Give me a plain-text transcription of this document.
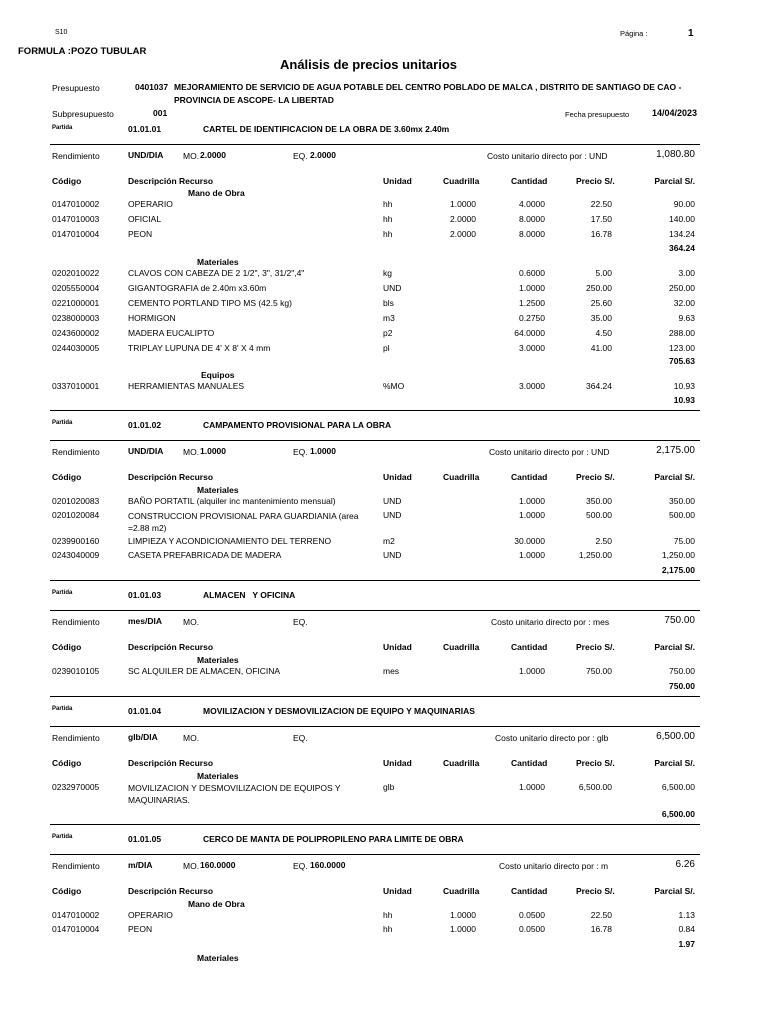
S10	Página :	1
FORMULA :POZO TUBULAR
Análisis de precios unitarios
Presupuesto	0401037 MEJORAMIENTO DE SERVICIO DE AGUA POTABLE DEL CENTRO POBLADO DE MALCA , DISTRITO DE SANTIAGO DE CAO -
PROVINCIA DE ASCOPE- LA LIBERTAD
Subpresupuesto	001	Fecha presupuesto	14/04/2023
Partida	01.01.01	CARTEL DE IDENTIFICACION DE LA OBRA DE 3.60mx 2.40m
Rendimiento	UND/DIA MO. 2.0000	EQ. 2.0000	Costo unitario directo por : UND	1,080.80
Código	Descripción Recurso	Unidad	Cuadrilla	Cantidad	Precio S/.	Parcial S/.
Mano de Obra
0147010002	OPERARIO	hh	1.0000	4.0000	22.50	90.00
0147010003	OFICIAL	hh	2.0000	8.0000	17.50	140.00
0147010004	PEON	hh	2.0000	8.0000	16.78	134.24
364.24
Materiales
0202010022	CLAVOS CON CABEZA DE 2 1/2", 3", 31/2",4"	kg	0.6000	5.00	3.00
0205550004	GIGANTOGRAFIA de 2.40m x3.60m	UND	1.0000	250.00	250.00
0221000001	CEMENTO PORTLAND TIPO MS (42.5 kg)	bls	1.2500	25.60	32.00
0238000003	HORMIGON	m3	0.2750	35.00	9.63
0243600002	MADERA EUCALIPTO	p2	64.0000	4.50	288.00
0244030005	TRIPLAY LUPUNA DE 4' X 8' X 4 mm	pl	3.0000	41.00	123.00
705.63
Equipos
0337010001	HERRAMIENTAS MANUALES	%MO	3.0000	364.24	10.93
10.93
Partida	01.01.02	CAMPAMENTO PROVISIONAL PARA LA OBRA
Rendimiento	UND/DIA MO. 1.0000	EQ. 1.0000	Costo unitario directo por : UND	2,175.00
Código	Descripción Recurso	Unidad	Cuadrilla	Cantidad	Precio S/.	Parcial S/.
Materiales
0201020083	BAÑO PORTATIL (alquiler inc mantenimiento mensual)	UND	1.0000	350.00	350.00
0201020084	CONSTRUCCION PROVISIONAL PARA GUARDIANIA (area =2.88 m2)
UND	1.0000	500.00	500.00
0239900160	LIMPIEZA Y ACONDICIONAMIENTO DEL TERRENO	m2	30.0000	2.50	75.00
0243040009	CASETA PREFABRICADA DE MADERA	UND	1.0000	1,250.00	1,250.00
2,175.00
Partida	01.01.03	ALMACEN   Y OFICINA
Rendimiento	mes/DIA MO.	EQ.	Costo unitario directo por : mes	750.00
Código	Descripción Recurso	Unidad	Cuadrilla	Cantidad	Precio S/.	Parcial S/.
Materiales
0239010105	SC ALQUILER DE ALMACEN, OFICINA	mes	1.0000	750.00	750.00
750.00
Partida	01.01.04	MOVILIZACION Y DESMOVILIZACION DE EQUIPO Y MAQUINARIAS
Rendimiento	glb/DIA	MO.	EQ.	Costo unitario directo por : glb	6,500.00
Código	Descripción Recurso	Unidad	Cuadrilla	Cantidad	Precio S/.	Parcial S/.
Materiales
0232970005	MOVILIZACION Y DESMOVILIZACION DE EQUIPOS Y MAQUINARIAS.
glb	1.0000	6,500.00	6,500.00
6,500.00
Partida	01.01.05	CERCO DE MANTA DE POLIPROPILENO PARA LIMITE DE OBRA
Rendimiento	m/DIA	MO. 160.0000	EQ. 160.0000	Costo unitario directo por : m	6.26
Código	Descripción Recurso	Unidad	Cuadrilla	Cantidad	Precio S/.	Parcial S/.
Mano de Obra
0147010002	OPERARIO	hh	1.0000	0.0500	22.50	1.13
0147010004	PEON	hh	1.0000	0.0500	16.78	0.84
1.97
Materiales
